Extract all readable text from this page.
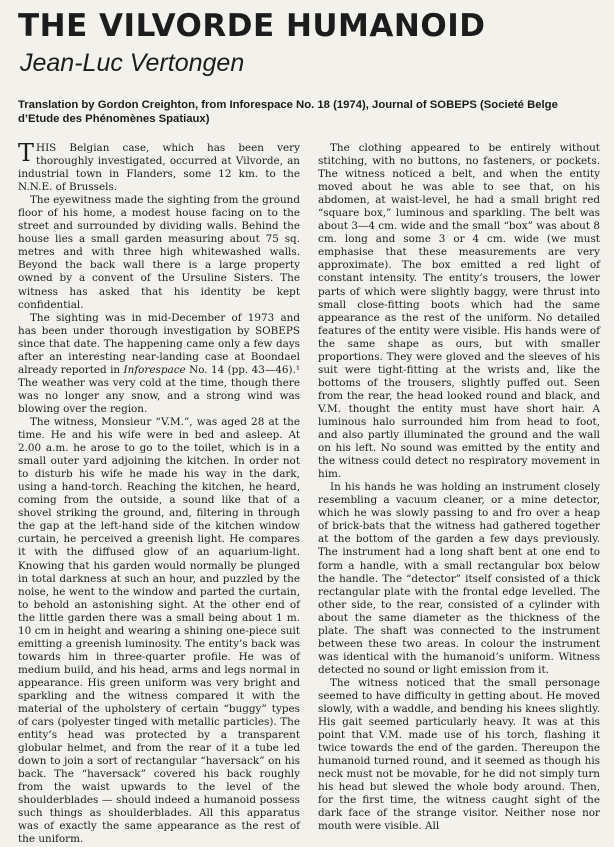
THE VILVORDE HUMANOID
Jean-Luc Vertongen
Translation by Gordon Creighton, from Inforespace No. 18 (1974), Journal of SOBEPS (Societé Belge d’Etude des Phénomènes Spatiaux)

THIS Belgian case, which has been very thoroughly investigated, occurred at Vilvorde, an industrial town in Flanders, some 12 km. to the N.N.E. of Brussels.

The eyewitness made the sighting from the ground floor of his home, a modest house facing on to the street and surrounded by dividing walls. Behind the house lies a small garden measuring about 75 sq. metres and with three high whitewashed walls. Beyond the back wall there is a large property owned by a convent of the Ursuline Sisters. The witness has asked that his identity be kept confidential.

The sighting was in mid-December of 1973 and has been under thorough investigation by SOBEPS since that date. The happening came only a few days after an interesting near-landing case at Boondael already reported in Inforespace No. 14 (pp. 43—46).¹ The weather was very cold at the time, though there was no longer any snow, and a strong wind was blowing over the region.

The witness, Monsieur “V.M.”, was aged 28 at the time. He and his wife were in bed and asleep. At 2.00 a.m. he arose to go to the toilet, which is in a small outer yard adjoining the kitchen. In order not to disturb his wife he made his way in the dark, using a hand-torch. Reaching the kitchen, he heard, coming from the outside, a sound like that of a shovel striking the ground, and, filtering in through the gap at the left-hand side of the kitchen window curtain, he perceived a greenish light. He compares it with the diffused glow of an aquarium-light. Knowing that his garden would normally be plunged in total darkness at such an hour, and puzzled by the noise, he went to the window and parted the curtain, to behold an astonishing sight. At the other end of the little garden there was a small being about 1 m. 10 cm in height and wearing a shining one-piece suit emitting a greenish luminosity. The entity’s back was towards him in three-quarter profile. He was of medium build, and his head, arms and legs normal in appearance. His green uniform was very bright and sparkling and the witness compared it with the material of the upholstery of certain “buggy” types of cars (polyester tinged with metallic particles). The entity’s head was protected by a transparent globular helmet, and from the rear of it a tube led down to join a sort of rectangular “haversack” on his back. The “haversack” covered his back roughly from the waist upwards to the level of the shoulderblades — should indeed a humanoid possess such things as shoulderblades. All this apparatus was of exactly the same appearance as the rest of the uniform.

The clothing appeared to be entirely without stitching, with no buttons, no fasteners, or pockets. The witness noticed a belt, and when the entity moved about he was able to see that, on his abdomen, at waist-level, he had a small bright red “square box,” luminous and sparkling. The belt was about 3—4 cm. wide and the small “box” was about 8 cm. long and some 3 or 4 cm. wide (we must emphasise that these measurements are very approximate). The box emitted a red light of constant intensity. The entity’s trousers, the lower parts of which were slightly baggy, were thrust into small close-fitting boots which had the same appearance as the rest of the uniform. No detailed features of the entity were visible. His hands were of the same shape as ours, but with smaller proportions. They were gloved and the sleeves of his suit were tight-fitting at the wrists and, like the bottoms of the trousers, slightly puffed out. Seen from the rear, the head looked round and black, and V.M. thought the entity must have short hair. A luminous halo surrounded him from head to foot, and also partly illuminated the ground and the wall on his left. No sound was emitted by the entity and the witness could detect no respiratory movement in him.

In his hands he was holding an instrument closely resembling a vacuum cleaner, or a mine detector, which he was slowly passing to and fro over a heap of brick-bats that the witness had gathered together at the bottom of the garden a few days previously. The instrument had a long shaft bent at one end to form a handle, with a small rectangular box below the handle. The “detector” itself consisted of a thick rectangular plate with the frontal edge levelled. The other side, to the rear, consisted of a cylinder with about the same diameter as the thickness of the plate. The shaft was connected to the instrument between these two areas. In colour the instrument was identical with the humanoid’s uniform. Witness detected no sound or light emission from it.

The witness noticed that the small personage seemed to have difficulty in getting about. He moved slowly, with a waddle, and bending his knees slightly. His gait seemed particularly heavy. It was at this point that V.M. made use of his torch, flashing it twice towards the end of the garden. Thereupon the humanoid turned round, and it seemed as though his neck must not be movable, for he did not simply turn his head but slewed the whole body around. Then, for the first time, the witness caught sight of the dark face of the strange visitor. Neither nose nor mouth were visible. All
